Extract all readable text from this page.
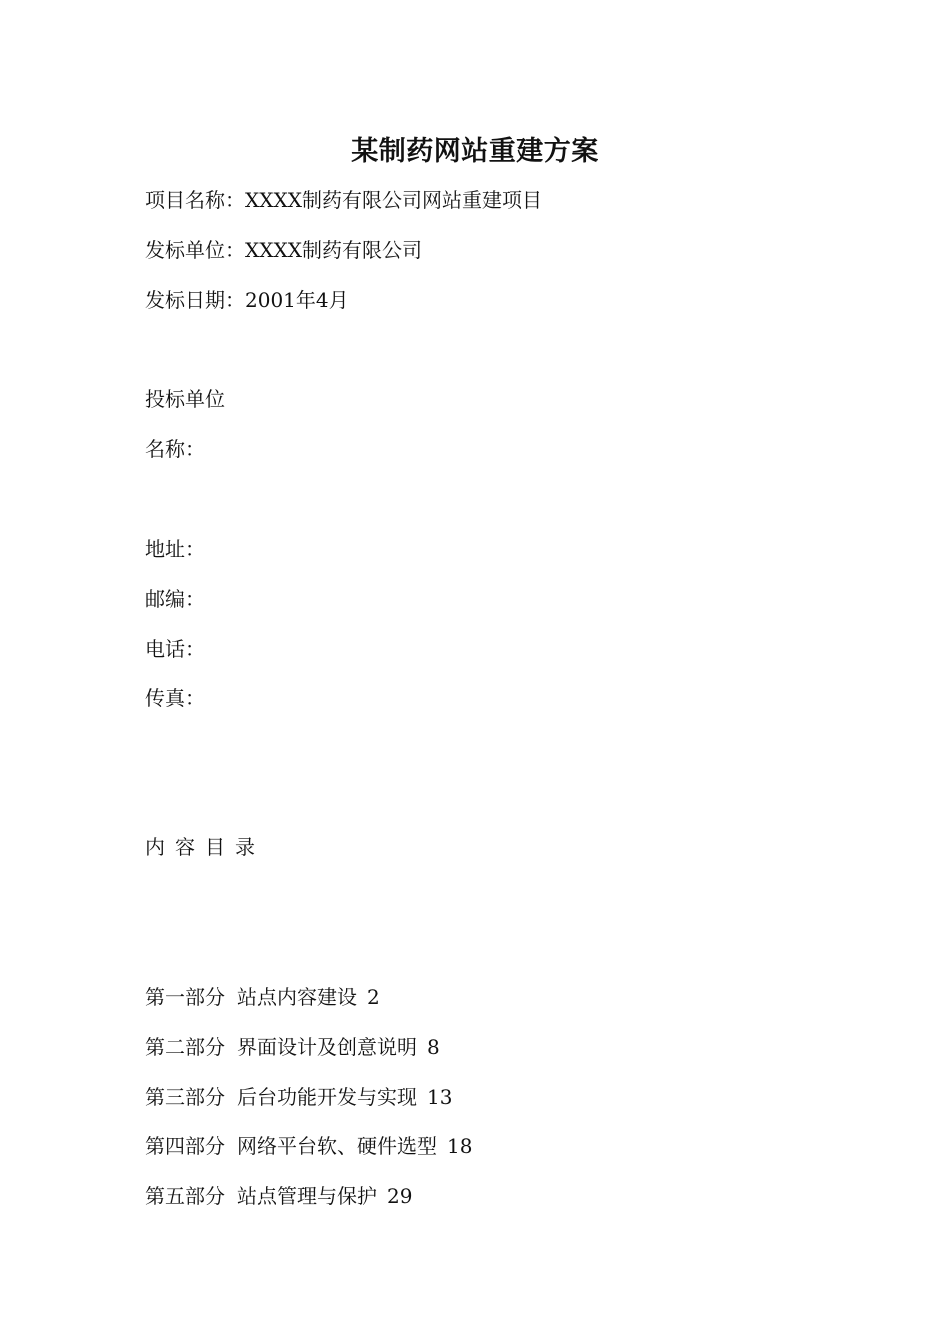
某制药网站重建方案
项目名称：XXXX制药有限公司网站重建项目
发标单位：XXXX制药有限公司
发标日期：2001年4月
投标单位
名称：
地址：
邮编：
电话：
传真：
内容目录
第一部分 站点内容建设 2
第二部分 界面设计及创意说明 8
第三部分 后台功能开发与实现 13
第四部分 网络平台软、硬件选型 18
第五部分 站点管理与保护 29
